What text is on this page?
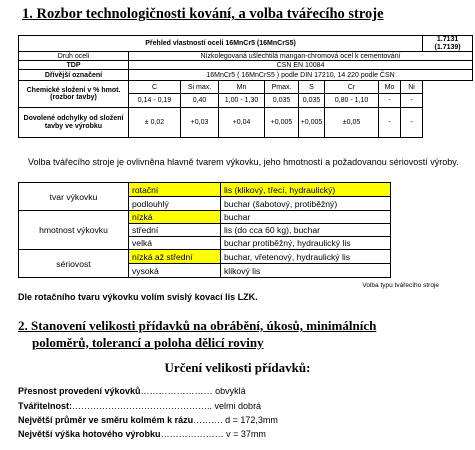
1. Rozbor technologičnosti kování, a volba tvářecího stroje
Přehled vlastností oceli 16MnCr5 (16MnCrS5)									1.7131 (1.7139)
Druh oceli	Nízkolegovaná ušlechtilá mangan-chromová ocel k cementování								
TDP	ČSN EN 10084								
Dřívější označení	16MnCr5 ( 16MnCrS5 ) podle DIN 17210, 14 220 podle ČSN								
Chemické složení v % hmot. (rozbor tavby)	C	Si max.	Mn	Pmax.	S	Cr	Mo	Ni	
	0,14 - 0,19	0,40	1,00 - 1,30	0,035	0,035	0,80 - 1,10	-	-	
Dovolené odchylky od složení tavby ve výrobku	± 0,02	+0,03	+0,04	+0,005	+0,005	±0,05	-	-	
Volba tvářecího stroje je ovlivněna hlavně tvarem výkovku, jeho hmotností a požadovanou sériovostí výroby.
tvar výkovku	rotační	lis (klikový, třecí, hydraulický)
	podlouhlý	buchar (šabotový, protiběžný)
hmotnost výkovku	nízká	buchar
	střední	lis (do cca 60 kg), buchar
	velká	buchar protiběžný, hydraulický lis
sériovost	nízká až střední	buchar, vřetenový, hydraulický lis
	vysoká	klikový lis
Volba typu tvářecího stroje
Dle rotačního tvaru výkovku volím svislý kovací lis LZK.
2. Stanovení velikosti přídavků na obrábění, úkosů, minimálních
poloměrů, tolerancí a poloha dělicí roviny
Určení velikosti přídavků:
Přesnost provedení výkovků…………………… obvyklá
Tvářitelnost:……………………………………….. velmi dobrá
Největší průměr ve směru kolmém k rázu………. d = 172,3mm
Největší výška hotového výrobku………………… v = 37mm
